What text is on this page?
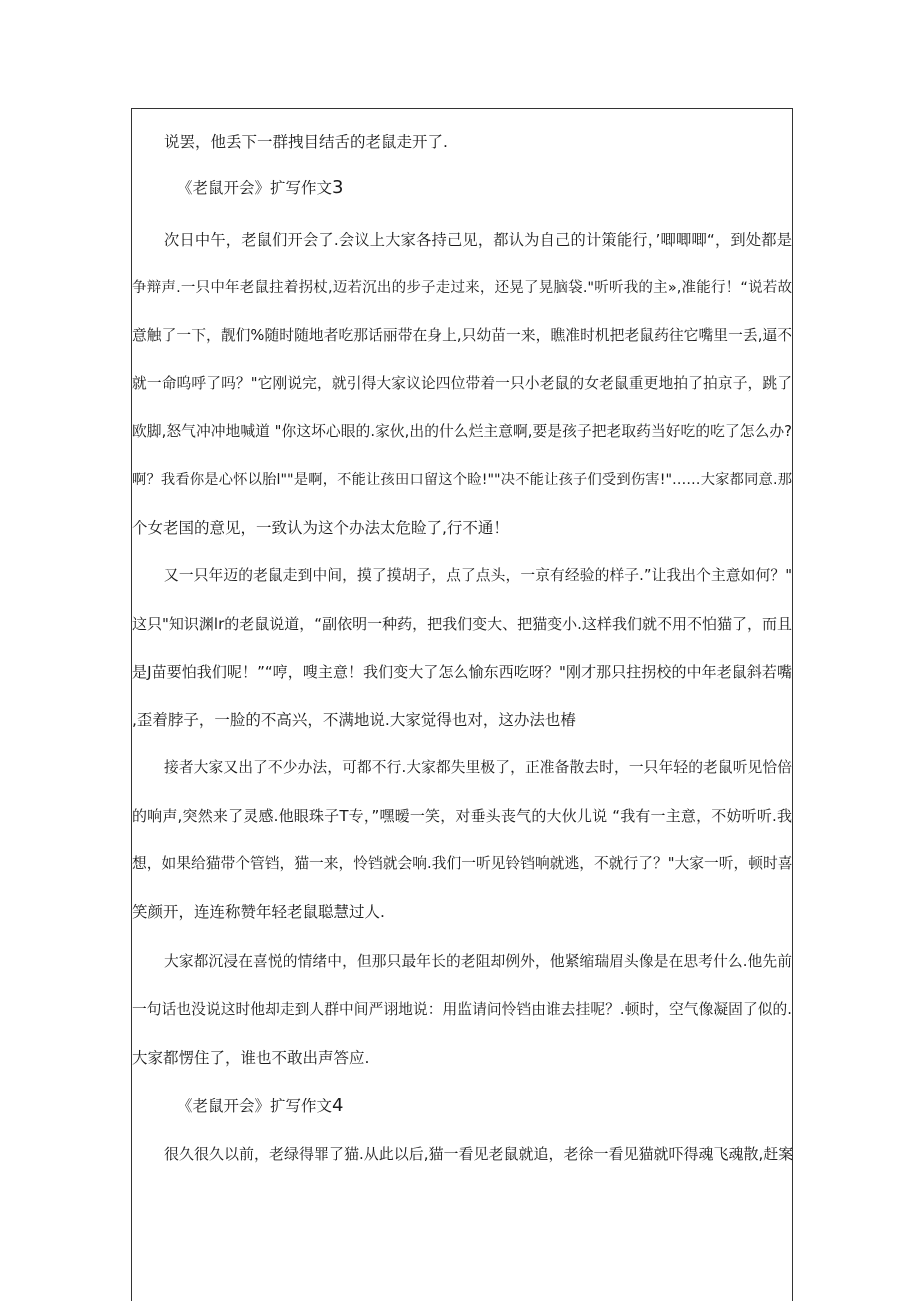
说罢，他丢下一群拽目结舌的老鼠走开了.
《老鼠开会》扩写作文3
次日中午，老鼠们开会了.会议上大家各持己见，都认为自己的计策能行，’唧唧唧“，到处都是
争辩声.一只中年老鼠拄着拐杖,迈若沉出的步子走过来，还晃了晃脑袋."听听我的主»,准能行！“说若故
意触了一下，靓们%随时随地者吃那话丽带在身上,只幼苗一来，瞧准时机把老鼠药往它嘴里一丢,逼不
就一命呜呼了吗？"它刚说完，就引得大家议论四位带着一只小老鼠的女老鼠重更地拍了拍京子，跳了
欧脚,怒气冲冲地喊道 "你这坏心眼的.家伙,出的什么烂主意啊,要是孩子把老取药当好吃的吃了怎么办?
啊？我看你是心怀以胎l""是啊，不能让孩田口留这个睑!""决不能让孩子们受到伤害!"……大家都同意.那
个女老国的意见，一致认为这个办法太危睑了,行不通！
又一只年迈的老鼠走到中间，摸了摸胡子，点了点头，一京有经验的样子.”让我出个主意如何？"
这只"知识渊lr的老鼠说道，“副依明一种药，把我们变大、把猫变小.这样我们就不用不怕猫了，而且
是J苗要怕我们呢！”“哼，嗖主意！我们变大了怎么愉东西吃呀？"刚才那只拄拐校的中年老鼠斜若嘴
,歪着脖子，一脸的不高兴，不满地说.大家觉得也对，这办法也椿
接者大家又出了不少办法，可都不行.大家都失里极了，正准备散去时，一只年轻的老鼠听见恰倍
的响声,突然来了灵感.他眼珠子T专，”嘿暧一笑，对垂头丧气的大伙儿说 “我有一主意，不妨听听.我
想，如果给猫带个管铛，猫一来，怜铛就会响.我们一听见铃铛响就逃，不就行了？"大家一听，顿时喜
笑颜开，连连称赞年轻老鼠聪慧过人.
大家都沉浸在喜悦的情绪中，但那只最年长的老阻却例外，他紧缩瑞眉头像是在思考什么.他先前
一句话也没说这时他却走到人群中间严诩地说：用监请问怜铛由谁去挂呢？.顿时，空气像凝固了似的.
大家都愣住了，谁也不敢出声答应.
《老鼠开会》扩写作文4
很久很久以前，老绿得罪了猫.从此以后,猫一看见老鼠就追，老徐一看见猫就吓得魂飞魂散,赶案
